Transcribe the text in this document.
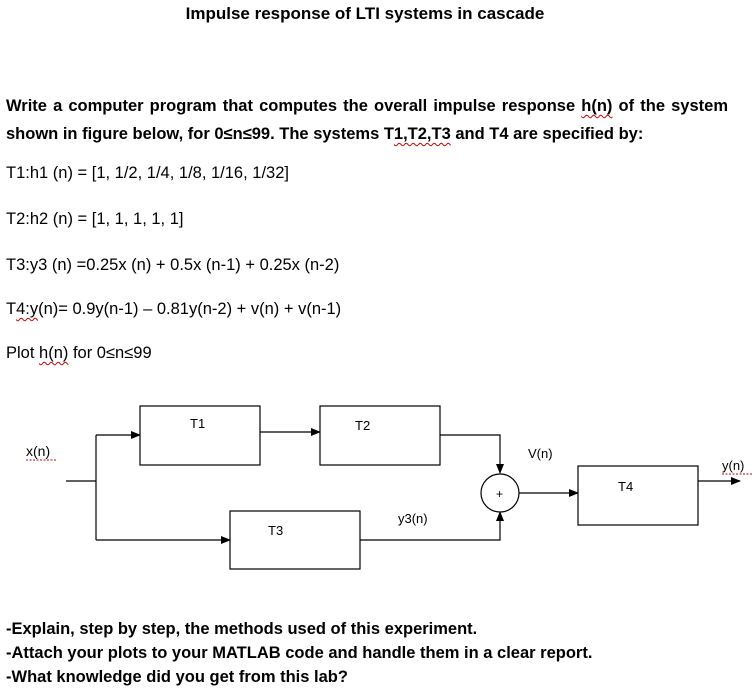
Impulse response of LTI systems in cascade
Write a computer program that computes the overall impulse response h(n) of the system shown in figure below, for 0≤n≤99. The systems T1,T2,T3 and T4 are specified by:
T1:h1 (n) = [1, 1/2, 1/4, 1/8, 1/16, 1/32]
T2:h2 (n) = [1, 1, 1, 1, 1]
T3:y3 (n) =0.25x (n) + 0.5x (n-1) + 0.25x (n-2)
T4:y(n)= 0.9y(n-1) – 0.81y(n-2) + v(n) + v(n-1)
Plot h(n) for 0≤n≤99
T1	T2
T3
+	T4
x(n)	V(n)
y3(n)
y(n)
-Explain, step by step, the methods used of this experiment.
-Attach your plots to your MATLAB code and handle them in a clear report.
-What knowledge did you get from this lab?
